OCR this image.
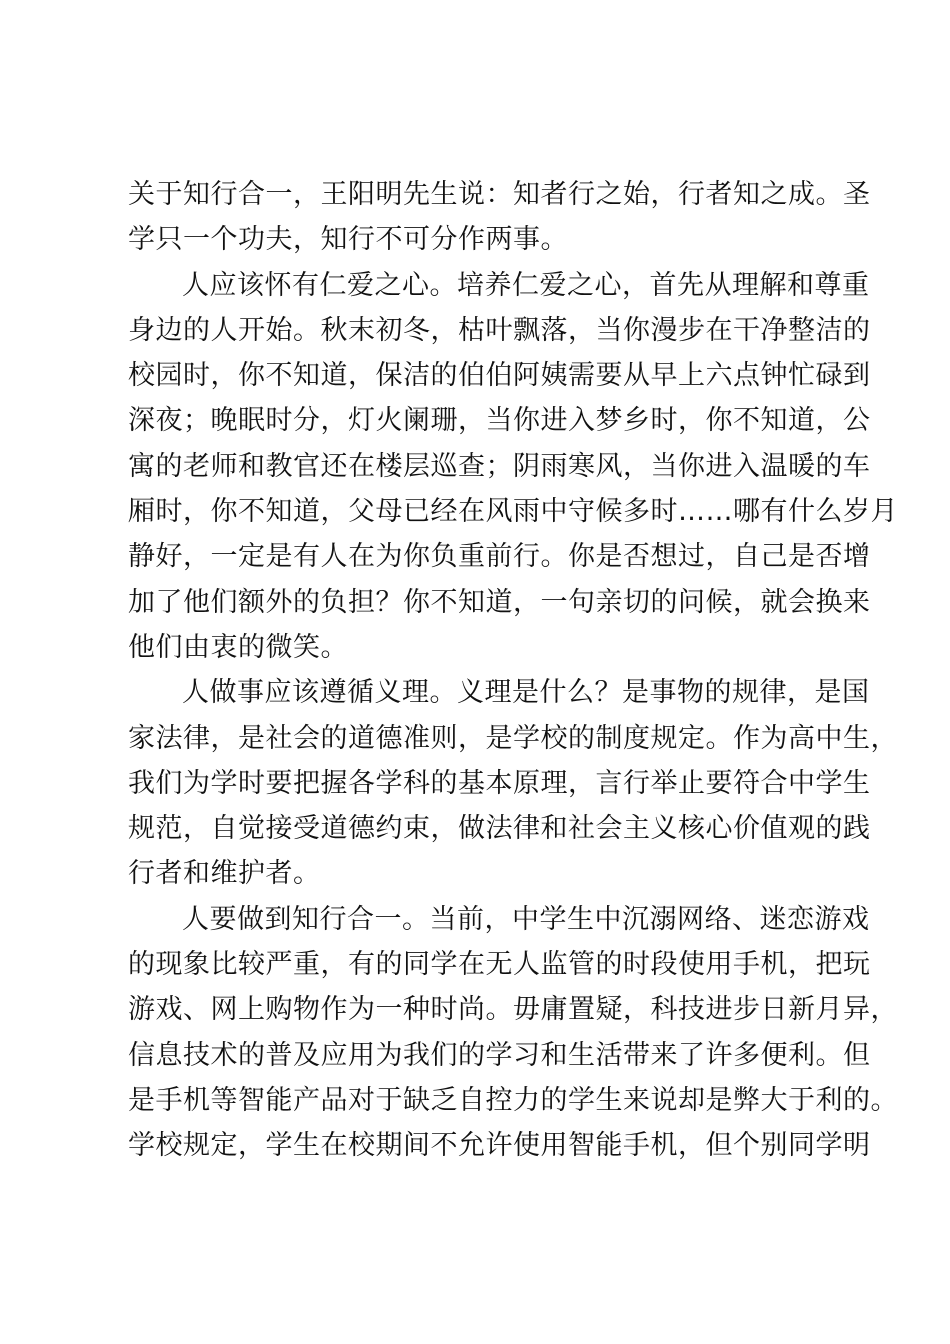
关于知行合一，王阳明先生说：知者行之始，行者知之成。圣
学只一个功夫，知行不可分作两事。
人应该怀有仁爱之心。培养仁爱之心，首先从理解和尊重
身边的人开始。秋末初冬，枯叶飘落，当你漫步在干净整洁的
校园时，你不知道，保洁的伯伯阿姨需要从早上六点钟忙碌到
深夜；晚眠时分，灯火阑珊，当你进入梦乡时，你不知道，公
寓的老师和教官还在楼层巡查；阴雨寒风，当你进入温暖的车
厢时，你不知道，父母已经在风雨中守候多时……哪有什么岁月
静好，一定是有人在为你负重前行。你是否想过，自己是否增
加了他们额外的负担？你不知道，一句亲切的问候，就会换来
他们由衷的微笑。
人做事应该遵循义理。义理是什么？是事物的规律，是国
家法律，是社会的道德准则，是学校的制度规定。作为高中生，
我们为学时要把握各学科的基本原理，言行举止要符合中学生
规范，自觉接受道德约束，做法律和社会主义核心价值观的践
行者和维护者。
人要做到知行合一。当前，中学生中沉溺网络、迷恋游戏
的现象比较严重，有的同学在无人监管的时段使用手机，把玩
游戏、网上购物作为一种时尚。毋庸置疑，科技进步日新月异，
信息技术的普及应用为我们的学习和生活带来了许多便利。但
是手机等智能产品对于缺乏自控力的学生来说却是弊大于利的。
学校规定，学生在校期间不允许使用智能手机，但个别同学明
